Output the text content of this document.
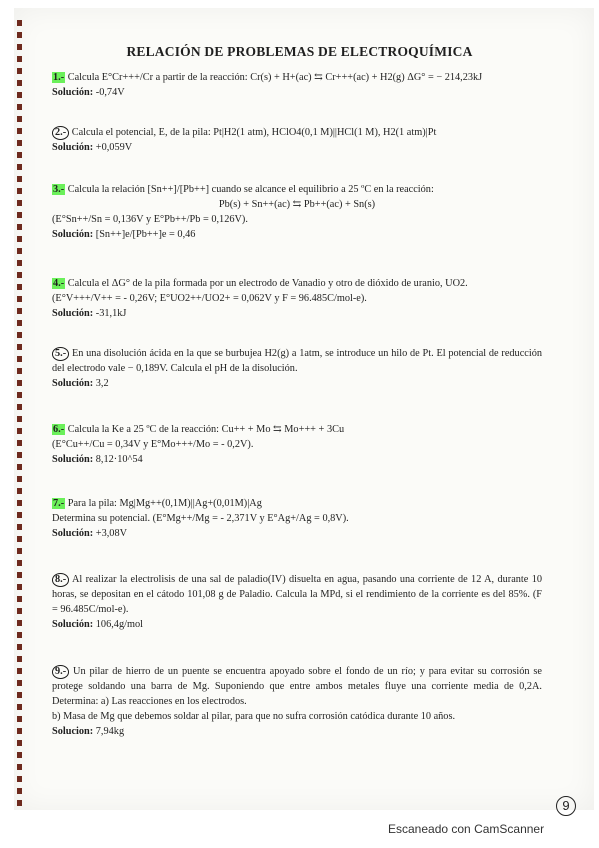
RELACIÓN DE PROBLEMAS DE ELECTROQUÍMICA
1.- Calcula E°Cr+++/Cr a partir de la reacción: Cr(s) + H+(ac) ⇆ Cr+++(ac) + H2(g) ΔG° = − 214,23kJ
Solución: -0,74V
2.- Calcula el potencial, E, de la pila: Pt|H2(1 atm), HClO4(0,1 M)||HCl(1 M), H2(1 atm)|Pt
Solución: +0,059V
3.- Calcula la relación [Sn++]/[Pb++] cuando se alcance el equilibrio a 25 ºC en la reacción:
Pb(s) + Sn++(ac) ⇆ Pb++(ac) + Sn(s)
(E°Sn++/Sn = 0,136V y E°Pb++/Pb = 0,126V).
Solución: [Sn++]e/[Pb++]e = 0,46
4.- Calcula el ΔG° de la pila formada por un electrodo de Vanadio y otro de dióxido de uranio, UO2.
(E°V+++/V++ = - 0,26V; E°UO2++/UO2+ = 0,062V y F = 96.485C/mol-e).
Solución: -31,1kJ
5.- En una disolución ácida en la que se burbujea H2(g) a 1atm, se introduce un hilo de Pt. El potencial de reducción del electrodo vale − 0,189V. Calcula el pH de la disolución.
Solución: 3,2
6.- Calcula la Ke a 25 ºC de la reacción: Cu++ + Mo ⇆ Mo+++ + 3Cu
(E°Cu++/Cu = 0,34V y E°Mo+++/Mo = - 0,2V).
Solución: 8,12·10^54
7.- Para la pila: Mg|Mg++(0,1M)||Ag+(0,01M)|Ag
Determina su potencial. (E°Mg++/Mg = - 2,371V y E°Ag+/Ag = 0,8V).
Solución: +3,08V
8.- Al realizar la electrolisis de una sal de paladio(IV) disuelta en agua, pasando una corriente de 12 A, durante 10 horas, se depositan en el cátodo 101,08 g de Paladio. Calcula la MPd, si el rendimiento de la corriente es del 85%. (F = 96.485C/mol-e).
Solución: 106,4g/mol
9.- Un pilar de hierro de un puente se encuentra apoyado sobre el fondo de un río; y para evitar su corrosión se protege soldando una barra de Mg. Suponiendo que entre ambos metales fluye una corriente media de 0,2A. Determina: a) Las reacciones en los electrodos.
b) Masa de Mg que debemos soldar al pilar, para que no sufra corrosión catódica durante 10 años.
Solucion: 7,94kg
9
Escaneado con CamScanner
